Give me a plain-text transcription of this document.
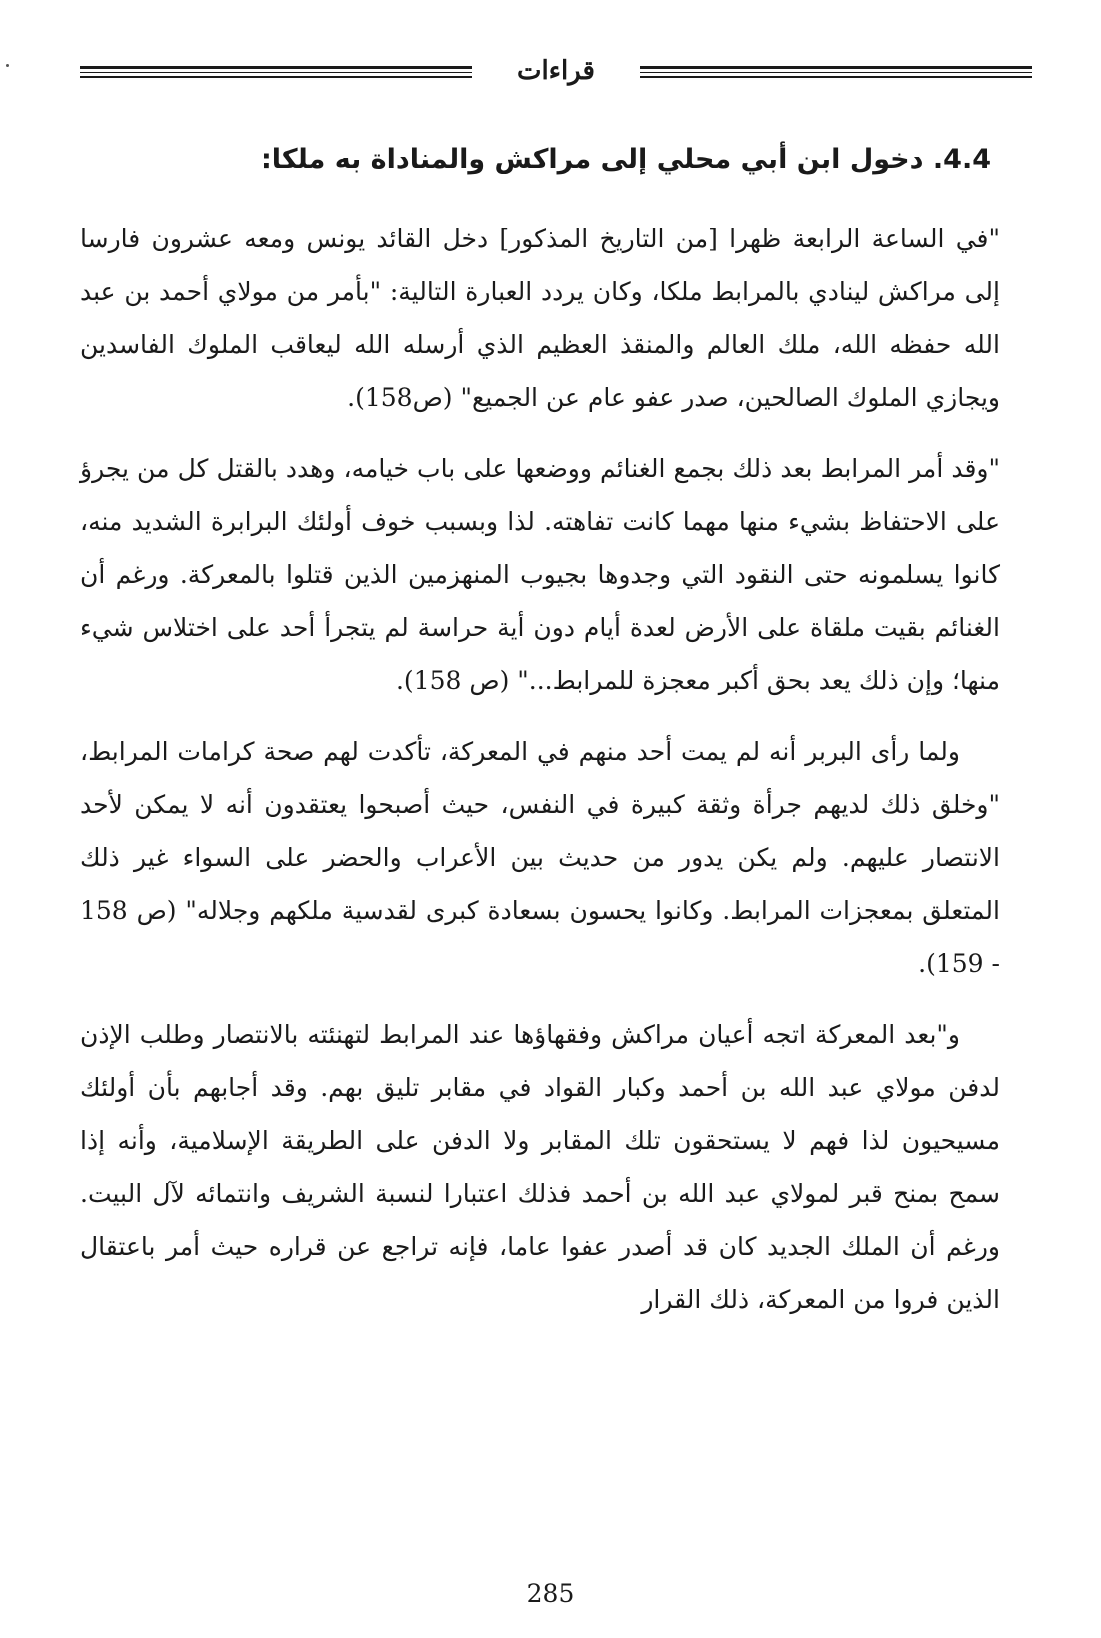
قراءات
4.4. دخول ابن أبي محلي إلى مراكش والمناداة به ملكا:

"في الساعة الرابعة ظهرا [من التاريخ المذكور] دخل القائد يونس ومعه عشرون فارسا إلى مراكش لينادي بالمرابط ملكا، وكان يردد العبارة التالية: "بأمر من مولاي أحمد بن عبد الله حفظه الله، ملك العالم والمنقذ العظيم الذي أرسله الله ليعاقب الملوك الفاسدين ويجازي الملوك الصالحين، صدر عفو عام عن الجميع" (ص158).

"وقد أمر المرابط بعد ذلك بجمع الغنائم ووضعها على باب خيامه، وهدد بالقتل كل من يجرؤ على الاحتفاظ بشيء منها مهما كانت تفاهته. لذا وبسبب خوف أولئك البرابرة الشديد منه، كانوا يسلمونه حتى النقود التي وجدوها بجيوب المنهزمين الذين قتلوا بالمعركة. ورغم أن الغنائم بقيت ملقاة على الأرض لعدة أيام دون أية حراسة لم يتجرأ أحد على اختلاس شيء منها؛ وإن ذلك يعد بحق أكبر معجزة للمرابط..." (ص 158).

ولما رأى البربر أنه لم يمت أحد منهم في المعركة، تأكدت لهم صحة كرامات المرابط، "وخلق ذلك لديهم جرأة وثقة كبيرة في النفس، حيث أصبحوا يعتقدون أنه لا يمكن لأحد الانتصار عليهم. ولم يكن يدور من حديث بين الأعراب والحضر على السواء غير ذلك المتعلق بمعجزات المرابط. وكانوا يحسون بسعادة كبرى لقدسية ملكهم وجلاله" (ص 158 - 159).

و"بعد المعركة اتجه أعيان مراكش وفقهاؤها عند المرابط لتهنئته بالانتصار وطلب الإذن لدفن مولاي عبد الله بن أحمد وكبار القواد في مقابر تليق بهم. وقد أجابهم بأن أولئك مسيحيون لذا فهم لا يستحقون تلك المقابر ولا الدفن على الطريقة الإسلامية، وأنه إذا سمح بمنح قبر لمولاي عبد الله بن أحمد فذلك اعتبارا لنسبة الشريف وانتمائه لآل البيت. ورغم أن الملك الجديد كان قد أصدر عفوا عاما، فإنه تراجع عن قراره حيث أمر باعتقال الذين فروا من المعركة، ذلك القرار

285
